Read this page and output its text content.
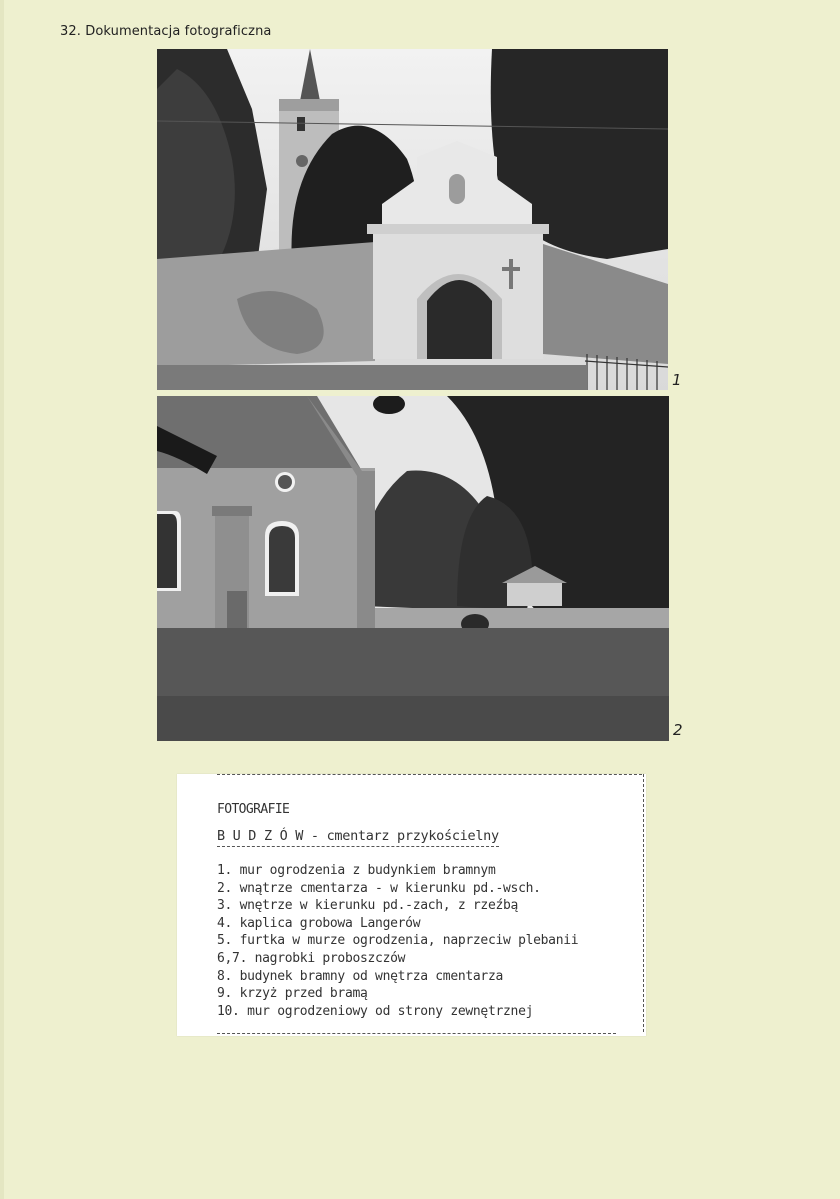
32. Dokumentacja fotograficzna
1
2
FOTOGRAFIE
B U D Z Ó W - cmentarz przykościelny
1. mur ogrodzenia z budynkiem bramnym
2. wnątrze cmentarza - w kierunku pd.-wsch.
3. wnętrze w kierunku pd.-zach, z rzeźbą
4. kaplica grobowa Langerów
5. furtka w murze ogrodzenia, naprzeciw plebanii
6,7. nagrobki proboszczów
8. budynek bramny od wnętrza cmentarza
9. krzyż przed bramą
10. mur ogrodzeniowy od strony zewnętrznej
